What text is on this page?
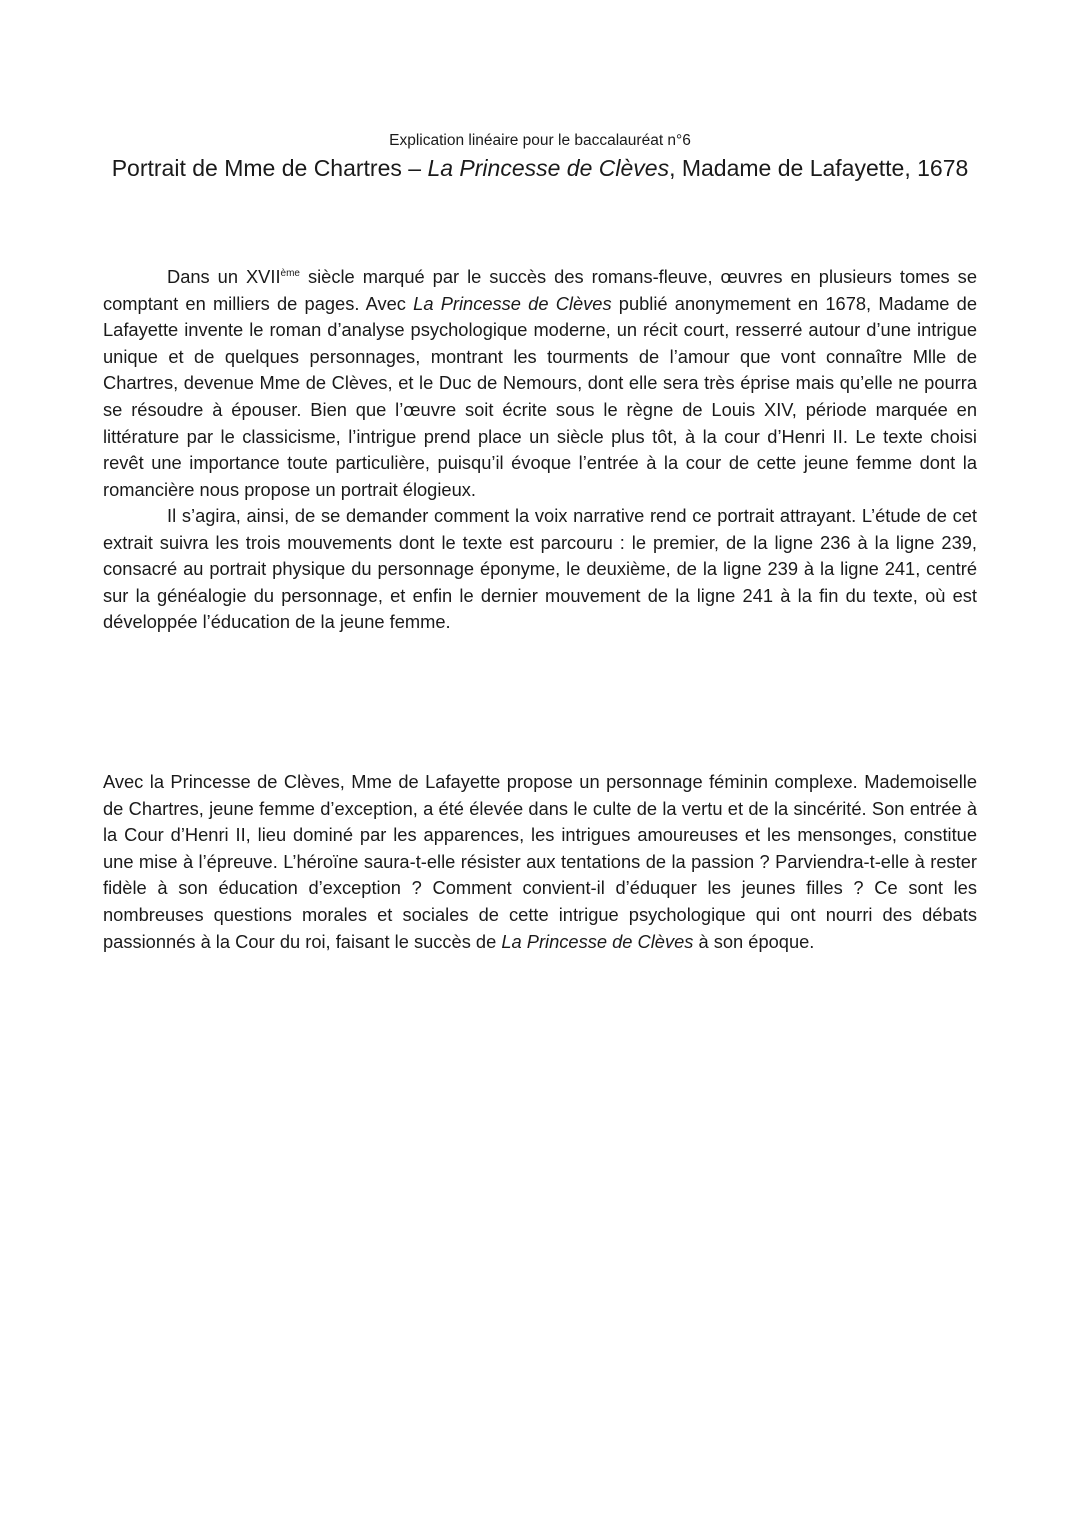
Explication linéaire pour le baccalauréat n°6
Portrait de Mme de Chartres – La Princesse de Clèves, Madame de Lafayette, 1678

Dans un XVIIème siècle marqué par le succès des romans-fleuve, œuvres en plusieurs tomes se comptant en milliers de pages. Avec La Princesse de Clèves publié anonymement en 1678, Madame de Lafayette invente le roman d’analyse psychologique moderne, un récit court, resserré autour d’une intrigue unique et de quelques personnages, montrant les tourments de l’amour que vont connaître Mlle de Chartres, devenue Mme de Clèves, et le Duc de Nemours, dont elle sera très éprise mais qu’elle ne pourra se résoudre à épouser. Bien que l’œuvre soit écrite sous le règne de Louis XIV, période marquée en littérature par le classicisme, l’intrigue prend place un siècle plus tôt, à la cour d’Henri II. Le texte choisi revêt une importance toute particulière, puisqu’il évoque l’entrée à la cour de cette jeune femme dont la romancière nous propose un portrait élogieux.

Il s’agira, ainsi, de se demander comment la voix narrative rend ce portrait attrayant. L’étude de cet extrait suivra les trois mouvements dont le texte est parcouru : le premier, de la ligne 236 à la ligne 239, consacré au portrait physique du personnage éponyme, le deuxième, de la ligne 239 à la ligne 241, centré sur la généalogie du personnage, et enfin le dernier mouvement de la ligne 241 à la fin du texte, où est développée l’éducation de la jeune femme.

Avec la Princesse de Clèves, Mme de Lafayette propose un personnage féminin complexe. Mademoiselle de Chartres, jeune femme d’exception, a été élevée dans le culte de la vertu et de la sincérité. Son entrée à la Cour d’Henri II, lieu dominé par les apparences, les intrigues amoureuses et les mensonges, constitue une mise à l’épreuve. L’héroïne saura-t-elle résister aux tentations de la passion ? Parviendra-t-elle à rester fidèle à son éducation d’exception ? Comment convient-il d’éduquer les jeunes filles ? Ce sont les nombreuses questions morales et sociales de cette intrigue psychologique qui ont nourri des débats passionnés à la Cour du roi, faisant le succès de La Princesse de Clèves à son époque.
